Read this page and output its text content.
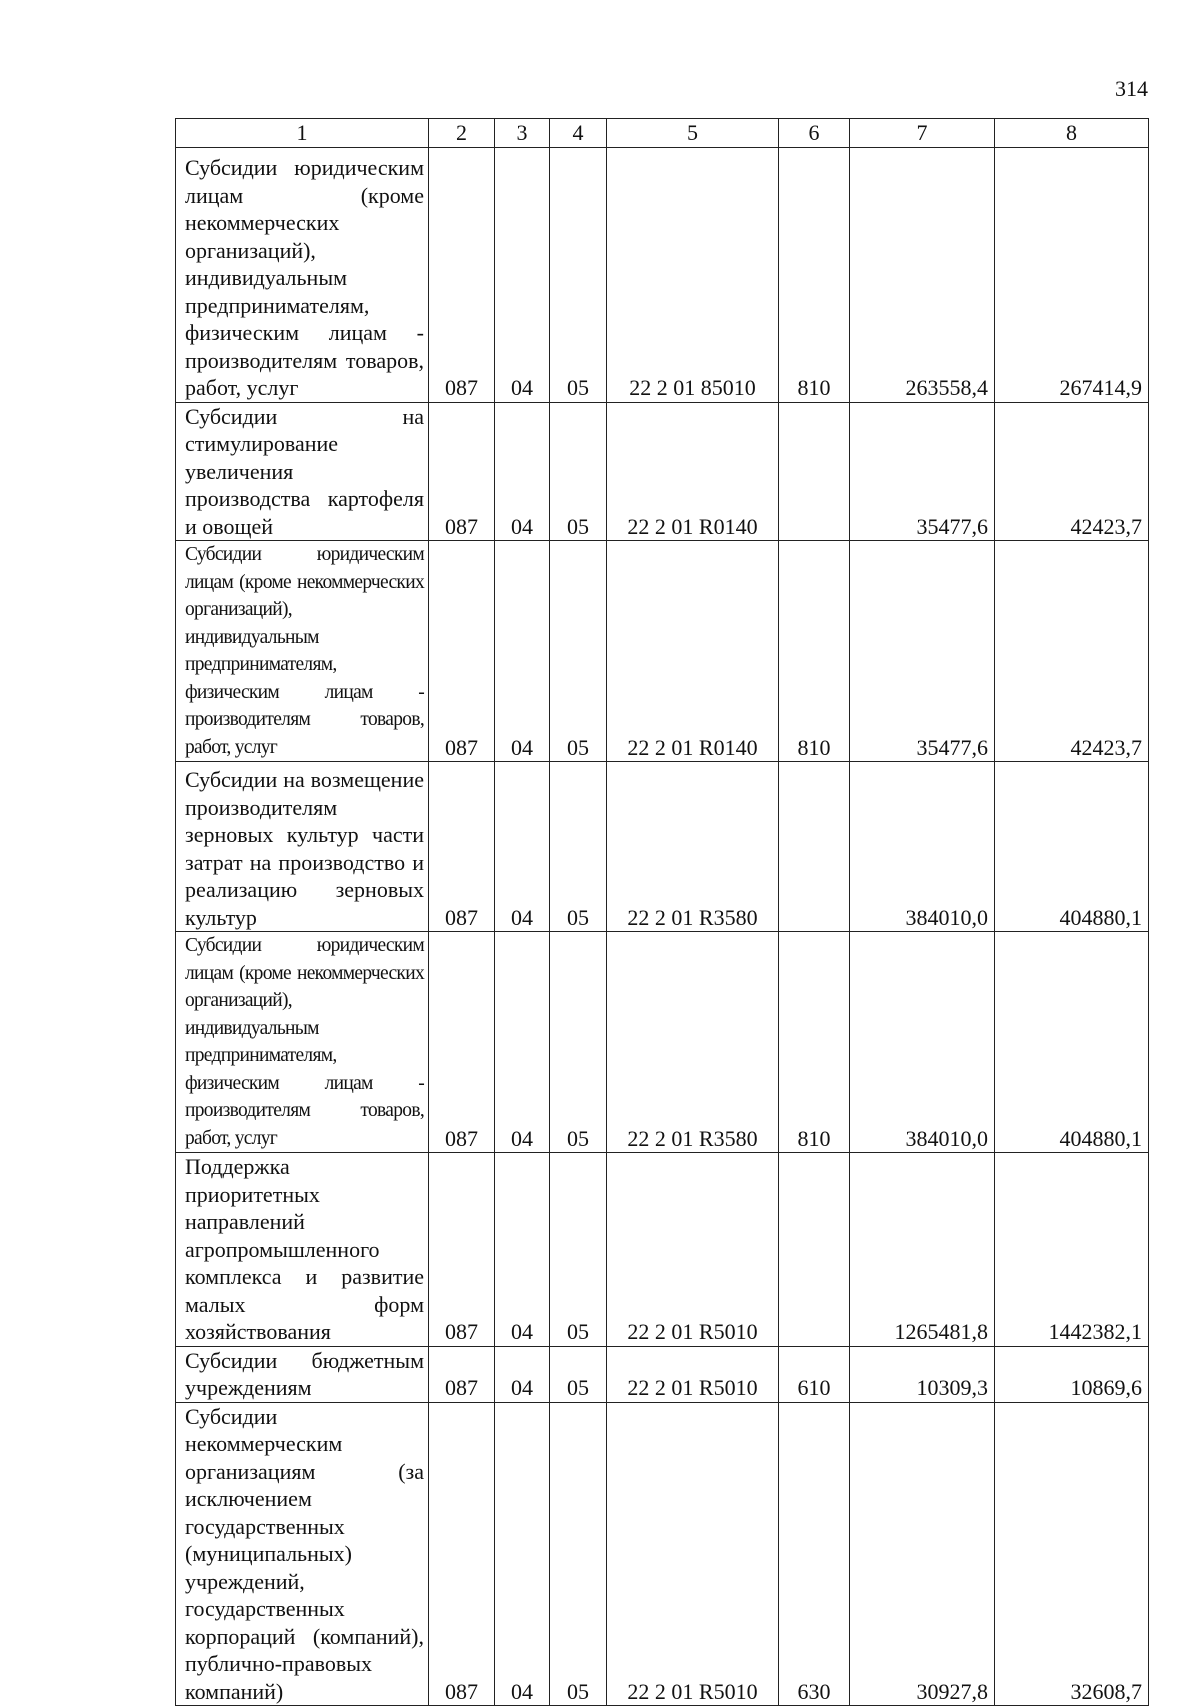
314
1	2	3	4	5	6	7	8
Субсидии юридическим лицам (кроме некоммерческих организаций), индивидуальным предпринимателям, физическим лицам - производителям товаров, работ, услуг	087	04	05	22 2 01 85010	810	263558,4	267414,9
Субсидии на стимулирование увеличения производства картофеля и овощей	087	04	05	22 2 01 R0140		35477,6	42423,7
Субсидии юридическим лицам (кроме некоммерческих организаций), индивидуальным предпринимателям, физическим лицам - производителям товаров, работ, услуг	087	04	05	22 2 01 R0140	810	35477,6	42423,7
Субсидии на возмещение производителям зерновых культур части затрат на производство и реализацию зерновых культур	087	04	05	22 2 01 R3580		384010,0	404880,1
Субсидии юридическим лицам (кроме некоммерческих организаций), индивидуальным предпринимателям, физическим лицам - производителям товаров, работ, услуг	087	04	05	22 2 01 R3580	810	384010,0	404880,1
Поддержка приоритетных направлений агропромышленного комплекса и развитие малых форм хозяйствования	087	04	05	22 2 01 R5010		1265481,8	1442382,1
Субсидии бюджетным учреждениям	087	04	05	22 2 01 R5010	610	10309,3	10869,6
Субсидии некоммерческим организациям (за исключением государственных (муниципальных) учреждений, государственных корпораций (компаний), публично-правовых компаний)	087	04	05	22 2 01 R5010	630	30927,8	32608,7
